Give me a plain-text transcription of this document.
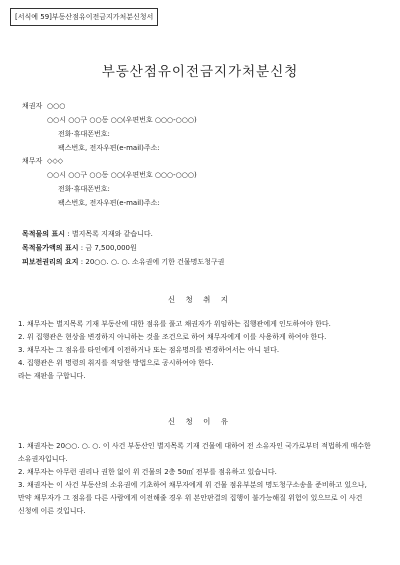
[서식예 59]부동산점유이전금지가처분신청서
부동산점유이전금지가처분신청
채권자 ○○○
○○시 ○○구 ○○동 ○○(우편번호 ○○○-○○○)
전화·휴대폰번호:
팩스번호, 전자우편(e-mail)주소:
채무자 ◇◇◇
○○시 ○○구 ○○동 ○○(우편번호 ○○○-○○○)
전화·휴대폰번호:
팩스번호, 전자우편(e-mail)주소:
목적물의 표시 : 별지목록 지재와 같습니다.
목적물가액의 표시 : 금 7,500,000원
피보전권리의 요지 : 20○○. ○. ○. 소유권에 기한 건물명도청구권
신 청 취 지
1. 채무자는 별지목록 기재 부동산에 대한 점유를 풀고 채권자가 위임하는 집행관에게 인도하여야 한다.
2. 위 집행관은 현상을 변경하지 아니하는 것을 조건으로 하여 채무자에게 이를 사용하게 하여야 한다.
3. 채무자는 그 점유를 타인에게 이전하거나 또는 점유명의를 변경하여서는 아니 된다.
4. 집행관은 위 명령의 취지를 적당한 방법으로 공시하여야 한다.
라는 재판을 구합니다.
신 청 이 유
1. 채권자는 20○○. ○. ○. 이 사건 부동산인 별지목록 기재 건물에 대하여 전 소유자인 국가로부터 적법하게 매수한 소유권자입니다.
2. 채무자는 아무런 권리나 권한 없이 위 건물의 2층 50㎡ 전부를 점유하고 있습니다.
3. 채권자는 이 사건 부동산의 소유권에 기초하여 채무자에게 위 건물 점유부분의 명도청구소송을 준비하고 있으나, 만약 채무자가 그 점유를 다른 사람에게 이전해줄 경우 위 본안판결의 집행이 불가능해질 위험이 있으므로 이 사건 신청에 이른 것입니다.
